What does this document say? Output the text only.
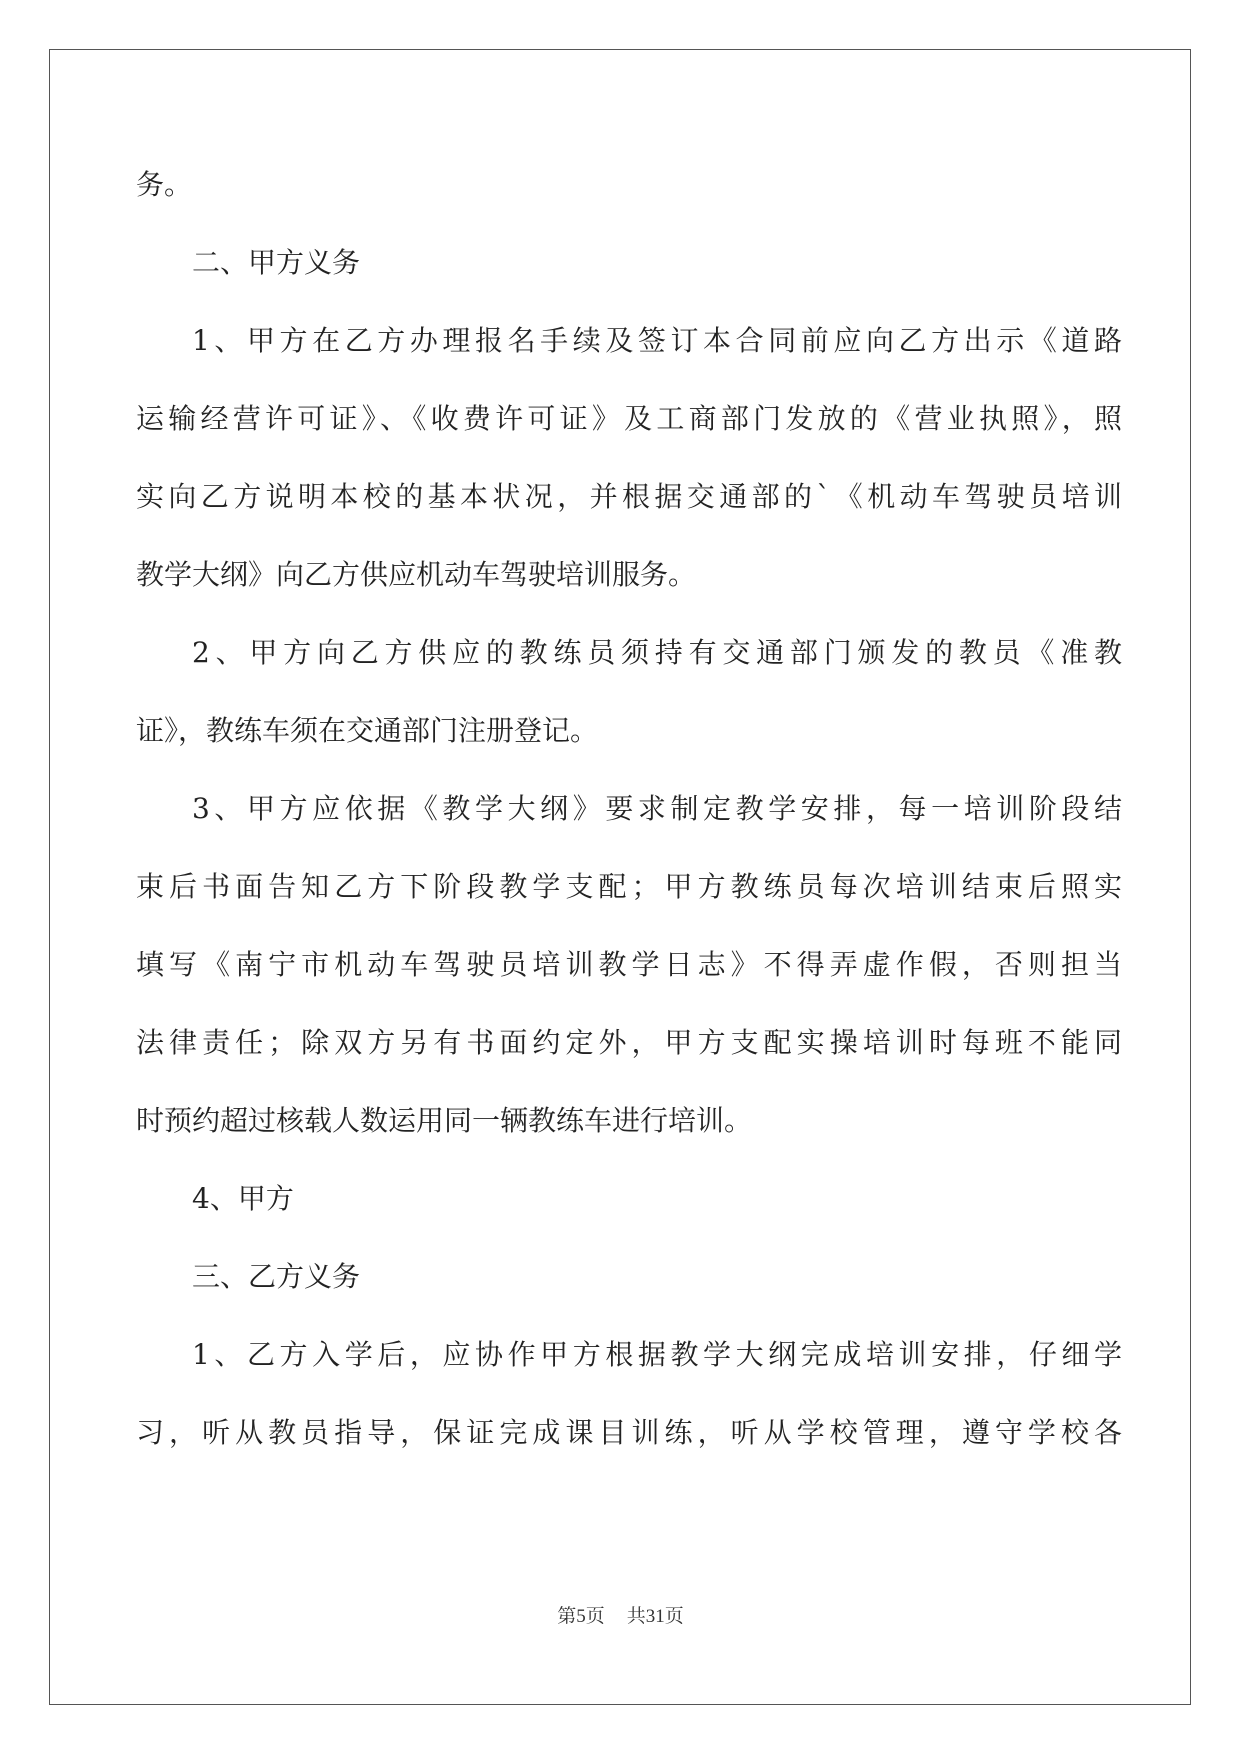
务。
二、甲方义务
1、甲方在乙方办理报名手续及签订本合同前应向乙方出示《道路
运输经营许可证》、《收费许可证》及工商部门发放的《营业执照》，照
实向乙方说明本校的基本状况，并根据交通部的`《机动车驾驶员培训
教学大纲》向乙方供应机动车驾驶培训服务。
2、甲方向乙方供应的教练员须持有交通部门颁发的教员《准教
证》，教练车须在交通部门注册登记。
3、甲方应依据《教学大纲》要求制定教学安排，每一培训阶段结
束后书面告知乙方下阶段教学支配；甲方教练员每次培训结束后照实
填写《南宁市机动车驾驶员培训教学日志》不得弄虚作假，否则担当
法律责任；除双方另有书面约定外，甲方支配实操培训时每班不能同
时预约超过核载人数运用同一辆教练车进行培训。
4、甲方
三、乙方义务
1、乙方入学后，应协作甲方根据教学大纲完成培训安排，仔细学
习，听从教员指导，保证完成课目训练，听从学校管理，遵守学校各
第5页 共31页
